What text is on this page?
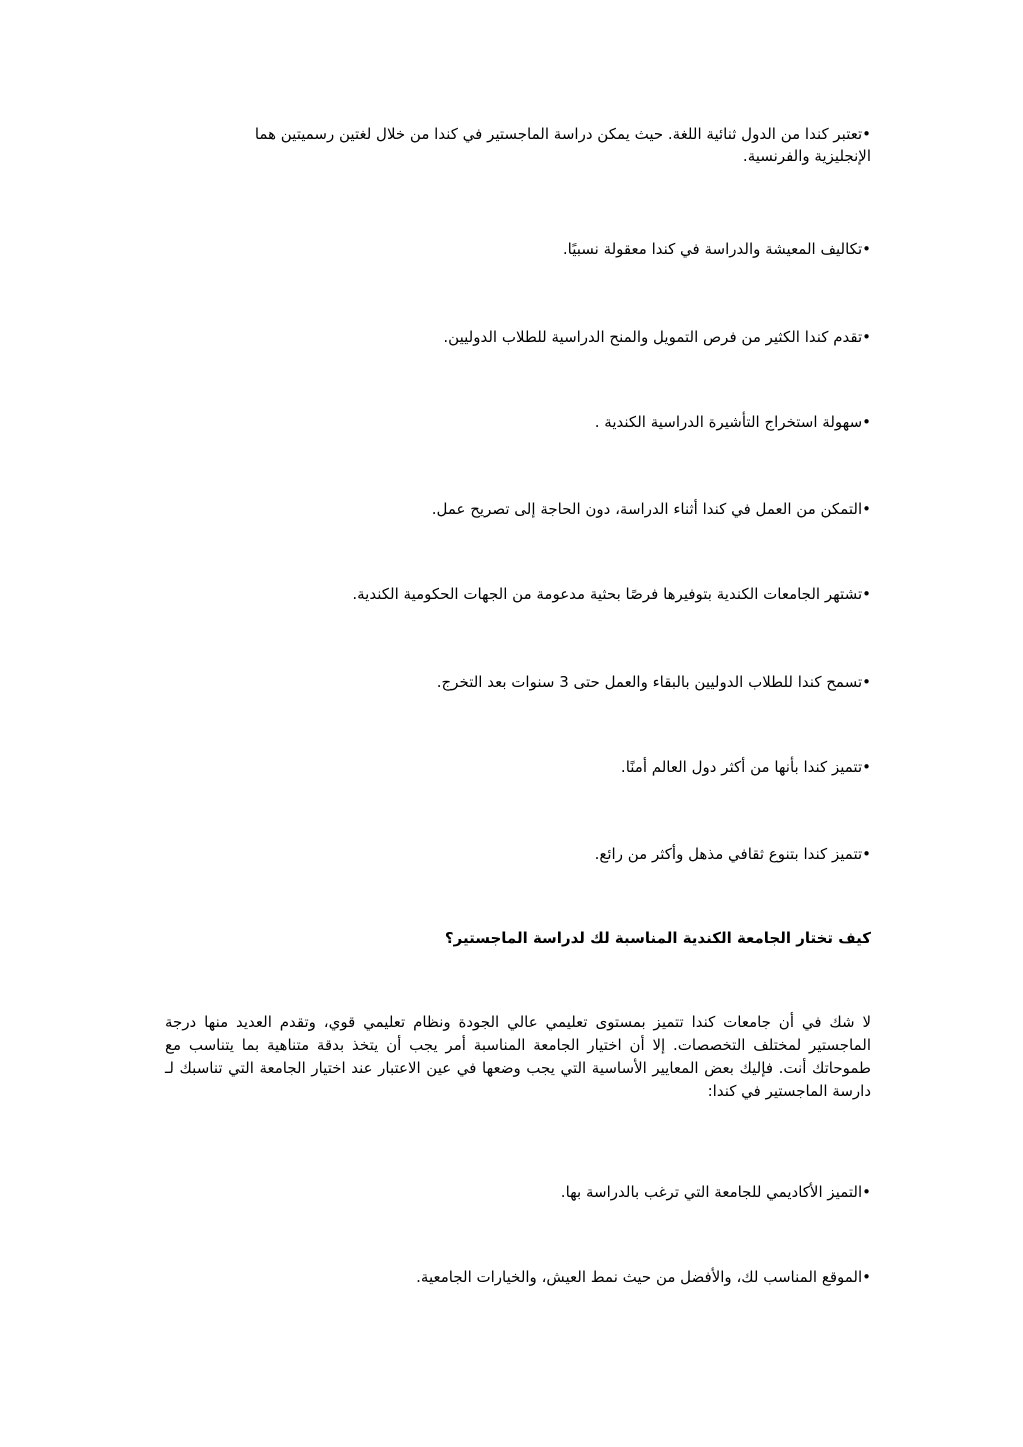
•تعتبر كندا من الدول ثنائية اللغة. حيث يمكن دراسة الماجستير في كندا من خلال لغتين رسميتين هما الإنجليزية والفرنسية.
•تكاليف المعيشة والدراسة في كندا معقولة نسبيًا.
•تقدم كندا الكثير من فرص التمويل والمنح الدراسية للطلاب الدوليين.
•سهولة استخراج التأشيرة الدراسية الكندية .
•التمكن من العمل في كندا أثناء الدراسة، دون الحاجة إلى تصريح عمل.
•تشتهر الجامعات الكندية بتوفيرها فرصًا بحثية مدعومة من الجهات الحكومية الكندية.
•تسمح كندا للطلاب الدوليين بالبقاء والعمل حتى 3 سنوات بعد التخرج.
•تتميز كندا بأنها من أكثر دول العالم أمنًا.
•تتميز كندا بتنوع ثقافي مذهل وأكثر من رائع.
كيف تختار الجامعة الكندية المناسبة لك لدراسة الماجستير؟
لا شك في أن جامعات كندا تتميز بمستوى تعليمي عالي الجودة ونظام تعليمي قوي، وتقدم العديد منها درجة الماجستير لمختلف التخصصات. إلا أن اختيار الجامعة المناسبة أمر يجب أن يتخذ بدقة متناهية بما يتناسب مع طموحاتك أنت. فإليك بعض المعايير الأساسية التي يجب وضعها في عين الاعتبار عند اختيار الجامعة التي تناسبك لـ دارسة الماجستير في كندا:
•التميز الأكاديمي للجامعة التي ترغب بالدراسة بها.
•الموقع المناسب لك، والأفضل من حيث نمط العيش، والخيارات الجامعية.
